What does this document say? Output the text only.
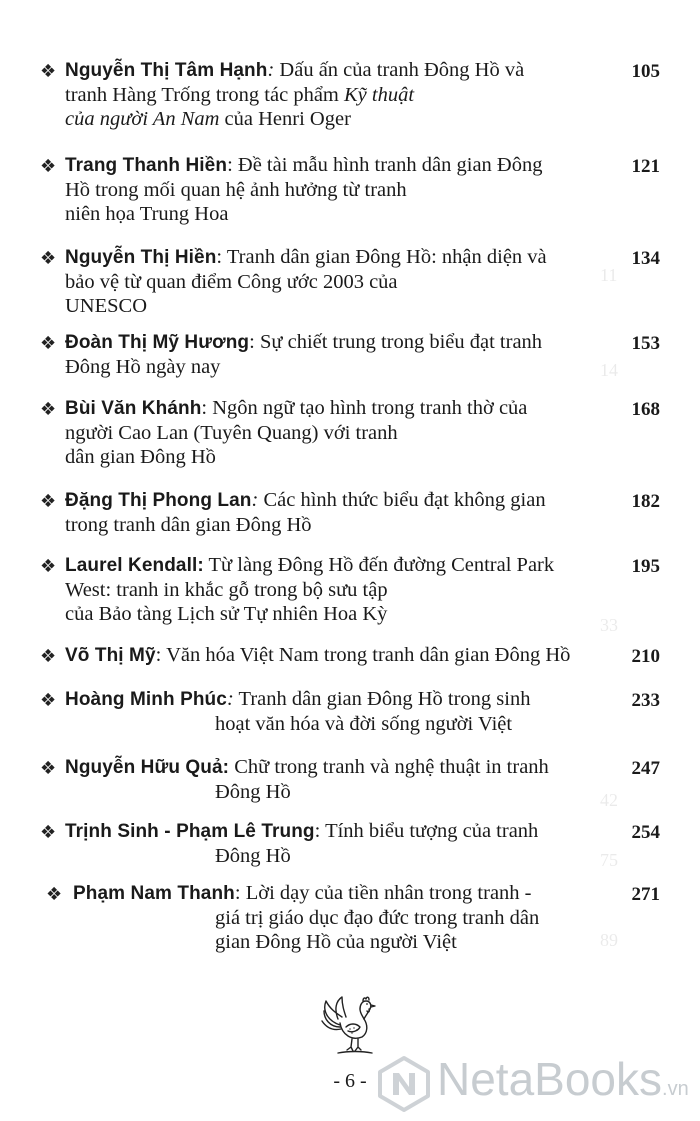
11
14
33
42
75
89
❖ Nguyễn Thị Tâm Hạnh: Dấu ấn của tranh Đông Hồ và
tranh Hàng Trống trong tác phẩm Kỹ thuật
của người An Nam của Henri Oger
105
❖ Trang Thanh Hiền: Đề tài mẫu hình tranh dân gian Đông
Hồ trong mối quan hệ ảnh hưởng từ tranh
niên họa Trung Hoa
121
❖ Nguyễn Thị Hiền: Tranh dân gian Đông Hồ: nhận diện và
bảo vệ từ quan điểm Công ước 2003 của
UNESCO
134
❖ Đoàn Thị Mỹ Hương: Sự chiết trung trong biểu đạt tranh
Đông Hồ ngày nay
153
❖ Bùi Văn Khánh: Ngôn ngữ tạo hình trong tranh thờ của
người Cao Lan (Tuyên Quang) với tranh
dân gian Đông Hồ
168
❖ Đặng Thị Phong Lan: Các hình thức biểu đạt không gian
trong tranh dân gian Đông Hồ
182
❖ Laurel Kendall: Từ làng Đông Hồ đến đường Central Park
West: tranh in khắc gỗ trong bộ sưu tập
của Bảo tàng Lịch sử Tự nhiên Hoa Kỳ
195
❖ Võ Thị Mỹ: Văn hóa Việt Nam trong tranh dân gian Đông Hồ	210
❖ Hoàng Minh Phúc: Tranh dân gian Đông Hồ trong sinh
hoạt văn hóa và đời sống người Việt
233
❖ Nguyễn Hữu Quả: Chữ trong tranh và nghệ thuật in tranh
Đông Hồ
247
❖ Trịnh Sinh - Phạm Lê Trung: Tính biểu tượng của tranh
Đông Hồ
254
❖ Phạm Nam Thanh: Lời dạy của tiền nhân trong tranh -
giá trị giáo dục đạo đức trong tranh dân
gian Đông Hồ của người Việt
271
- 6 -	NetaBooks.vn
